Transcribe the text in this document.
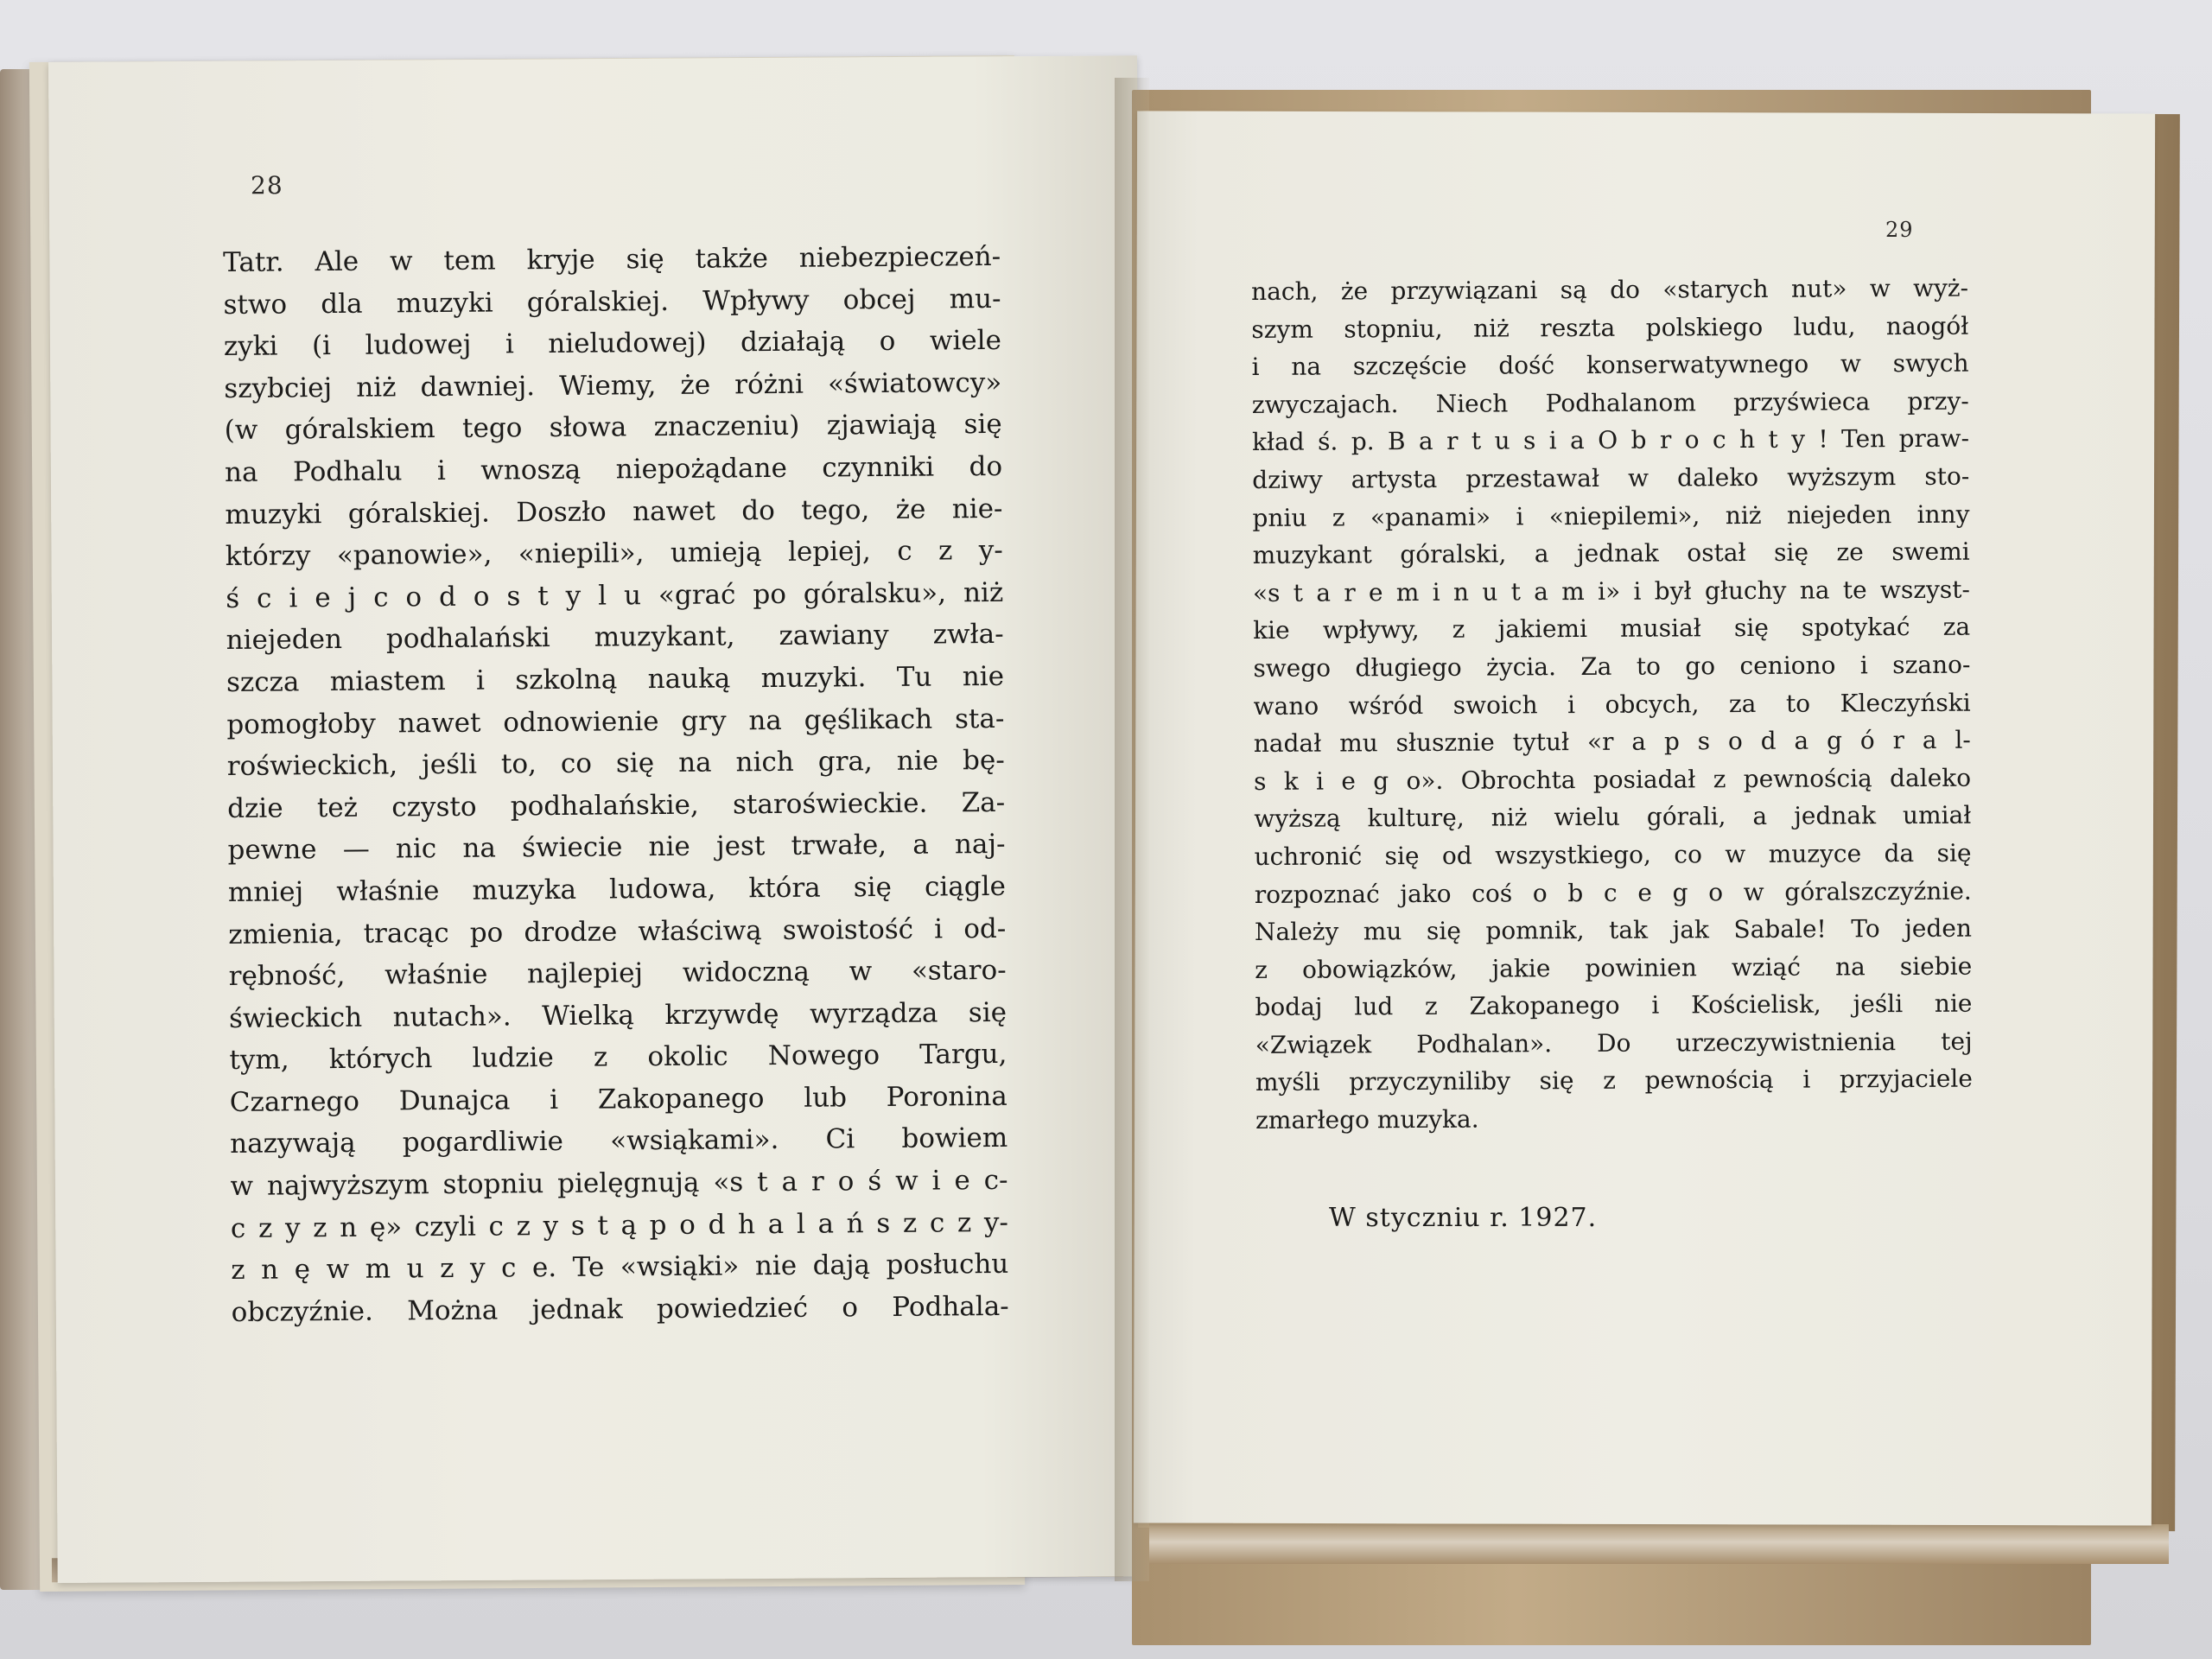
28
29
Tatr. Ale w tem kryje się także niebezpieczeń-
stwo dla muzyki góralskiej. Wpływy obcej mu-
zyki (i ludowej i nieludowej) działają o wiele
szybciej niż dawniej. Wiemy, że różni «światowcy»
(w góralskiem tego słowa znaczeniu) zjawiają się
na Podhalu i wnoszą niepożądane czynniki do
muzyki góralskiej. Doszło nawet do tego, że nie-
którzy «panowie», «niepili», umieją lepiej, c z y-
ś c i e j c o d o s t y l u «grać po góralsku», niż
niejeden podhalański muzykant, zawiany zwła-
szcza miastem i szkolną nauką muzyki. Tu nie
pomogłoby nawet odnowienie gry na gęślikach sta-
roświeckich, jeśli to, co się na nich gra, nie bę-
dzie też czysto podhalańskie, staroświeckie. Za-
pewne — nic na świecie nie jest trwałe, a naj-
mniej właśnie muzyka ludowa, która się ciągle
zmienia, tracąc po drodze właściwą swoistość i od-
rębność, właśnie najlepiej widoczną w «staro-
świeckich nutach». Wielką krzywdę wyrządza się
tym, których ludzie z okolic Nowego Targu,
Czarnego Dunajca i Zakopanego lub Poronina
nazywają pogardliwie «wsiąkami». Ci bowiem
w najwyższym stopniu pielęgnują «s t a r o ś w i e c-
c z y z n ę» czyli c z y s t ą p o d h a l a ń s z c z y-
z n ę w m u z y c e. Te «wsiąki» nie dają posłuchu
obczyźnie. Można jednak powiedzieć o Podhala-
nach, że przywiązani są do «starych nut» w wyż-
szym stopniu, niż reszta polskiego ludu, naogół
i na szczęście dość konserwatywnego w swych
zwyczajach. Niech Podhalanom przyświeca przy-
kład ś. p. B a r t u s i a O b r o c h t y ! Ten praw-
dziwy artysta przestawał w daleko wyższym sto-
pniu z «panami» i «niepilemi», niż niejeden inny
muzykant góralski, a jednak ostał się ze swemi
«s t a r e m i n u t a m i» i był głuchy na te wszyst-
kie wpływy, z jakiemi musiał się spotykać za
swego długiego życia. Za to go ceniono i szano-
wano wśród swoich i obcych, za to Kleczyński
nadał mu słusznie tytuł «r a p s o d a g ó r a l-
s k i e g o». Obrochta posiadał z pewnością daleko
wyższą kulturę, niż wielu górali, a jednak umiał
uchronić się od wszystkiego, co w muzyce da się
rozpoznać jako coś o b c e g o w góralszczyźnie.
Należy mu się pomnik, tak jak Sabale! To jeden
z obowiązków, jakie powinien wziąć na siebie
bodaj lud z Zakopanego i Kościelisk, jeśli nie
«Związek Podhalan». Do urzeczywistnienia tej
myśli przyczyniliby się z pewnością i przyjaciele
zmarłego muzyka.
W styczniu r. 1927.
